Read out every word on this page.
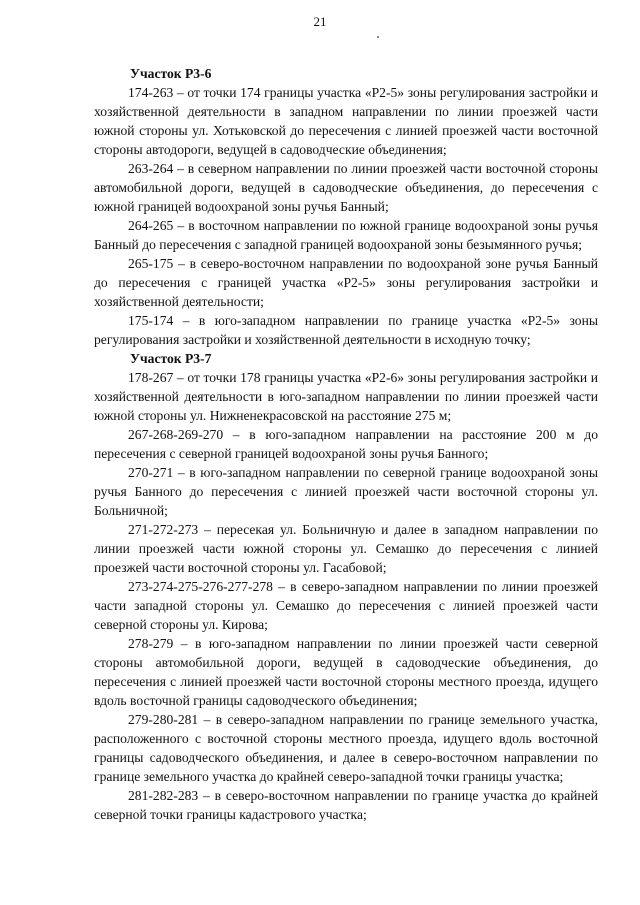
21

Участок Р3-6

174-263 – от точки 174 границы участка «Р2-5» зоны регулирования застройки и хозяйственной деятельности в западном направлении по линии проезжей части южной стороны ул. Хотьковской до пересечения с линией проезжей части восточной стороны автодороги, ведущей в садоводческие объединения;

263-264 – в северном направлении по линии проезжей части восточной стороны автомобильной дороги, ведущей в садоводческие объединения, до пересечения с южной границей водоохраной зоны ручья Банный;

264-265 – в восточном направлении по южной границе водоохраной зоны ручья Банный до пересечения с западной границей водоохраной зоны безымянного ручья;

265-175 – в северо-восточном направлении по водоохраной зоне ручья Банный до пересечения с границей участка «Р2-5» зоны регулирования застройки и хозяйственной деятельности;

175-174 – в юго-западном направлении по границе участка «Р2-5» зоны регулирования застройки и хозяйственной деятельности в исходную точку;

Участок Р3-7

178-267 – от точки 178 границы участка «Р2-6» зоны регулирования застройки и хозяйственной деятельности в юго-западном направлении по линии проезжей части южной стороны ул. Нижненекрасовской на расстояние 275 м;

267-268-269-270 – в юго-западном направлении на расстояние 200 м до пересечения с северной границей водоохраной зоны ручья Банного;

270-271 – в юго-западном направлении по северной границе водоохраной зоны ручья Банного до пересечения с линией проезжей части восточной стороны ул. Больничной;

271-272-273 – пересекая ул. Больничную и далее в западном направлении по линии проезжей части южной стороны ул. Семашко до пересечения с линией проезжей части восточной стороны ул. Гасабовой;

273-274-275-276-277-278 – в северо-западном направлении по линии проезжей части западной стороны ул. Семашко до пересечения с линией проезжей части северной стороны ул. Кирова;

278-279 – в юго-западном направлении по линии проезжей части северной стороны автомобильной дороги, ведущей в садоводческие объединения, до пересечения с линией проезжей части восточной стороны местного проезда, идущего вдоль восточной границы садоводческого объединения;

279-280-281 – в северо-западном направлении по границе земельного участка, расположенного с восточной стороны местного проезда, идущего вдоль восточной границы садоводческого объединения, и далее в северо-восточном направлении по границе земельного участка до крайней северо-западной точки границы участка;

281-282-283 – в северо-восточном направлении по границе участка до крайней северной точки границы кадастрового участка;
